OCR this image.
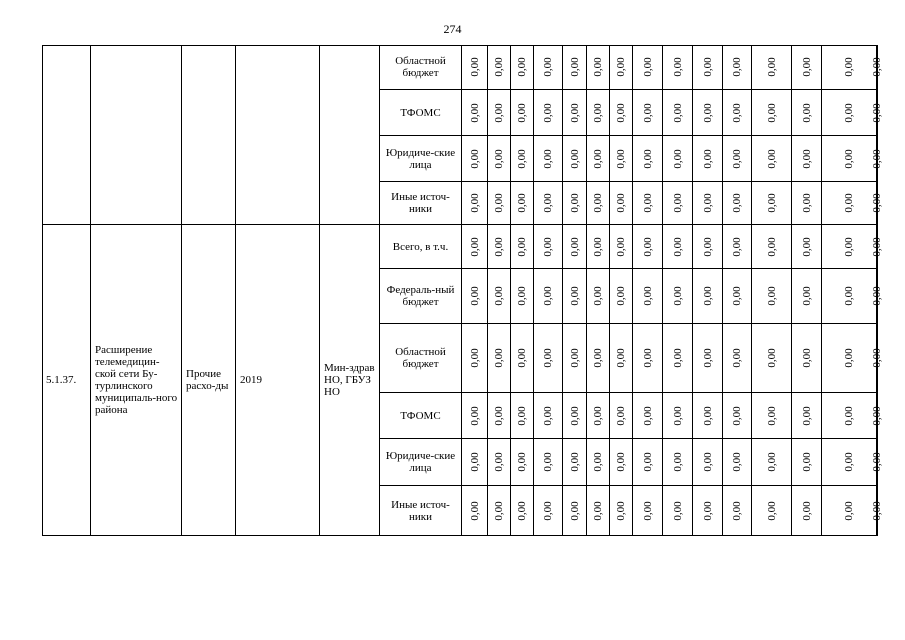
274
Областной бюджет	0,00 0,00 0,00 0,00 0,00 0,00 0,00 0,00 0,00 0,00 0,00 0,00 0,00	0,00 0,00
ТФОМС	0,00 0,00 0,00 0,00 0,00 0,00 0,00 0,00 0,00 0,00 0,00 0,00 0,00	0,00 0,00
Юридиче-ские лица	0,00 0,00 0,00 0,00 0,00 0,00 0,00 0,00 0,00 0,00 0,00 0,00 0,00	0,00 0,00
Иные источ-ники	0,00 0,00 0,00 0,00 0,00 0,00 0,00 0,00 0,00 0,00 0,00 0,00 0,00	0,00 0,00
5.1.37.
Расширение телемедицин-ской сети Бу-турлинского муниципаль-ного района
Прочие расхо-ды	2019
Мин-здрав НО, ГБУЗ НО
Всего, в т.ч. 0,00 0,00 0,00 0,00 0,00 0,00 0,00 0,00 0,00 0,00 0,00 0,00 0,00	0,00 0,00
Федераль-ный бюджет	0,00 0,00 0,00 0,00 0,00 0,00 0,00 0,00 0,00 0,00 0,00 0,00 0,00	0,00 0,00
Областной бюджет	0,00 0,00 0,00 0,00 0,00 0,00 0,00 0,00 0,00 0,00 0,00 0,00 0,00	0,00 0,00
ТФОМС	0,00 0,00 0,00 0,00 0,00 0,00 0,00 0,00 0,00 0,00 0,00 0,00 0,00	0,00 0,00
Юридиче-ские лица	0,00 0,00 0,00 0,00 0,00 0,00 0,00 0,00 0,00 0,00 0,00 0,00 0,00	0,00 0,00
Иные источ-ники	0,00 0,00 0,00 0,00 0,00 0,00 0,00 0,00 0,00 0,00 0,00 0,00 0,00	0,00 0,00
